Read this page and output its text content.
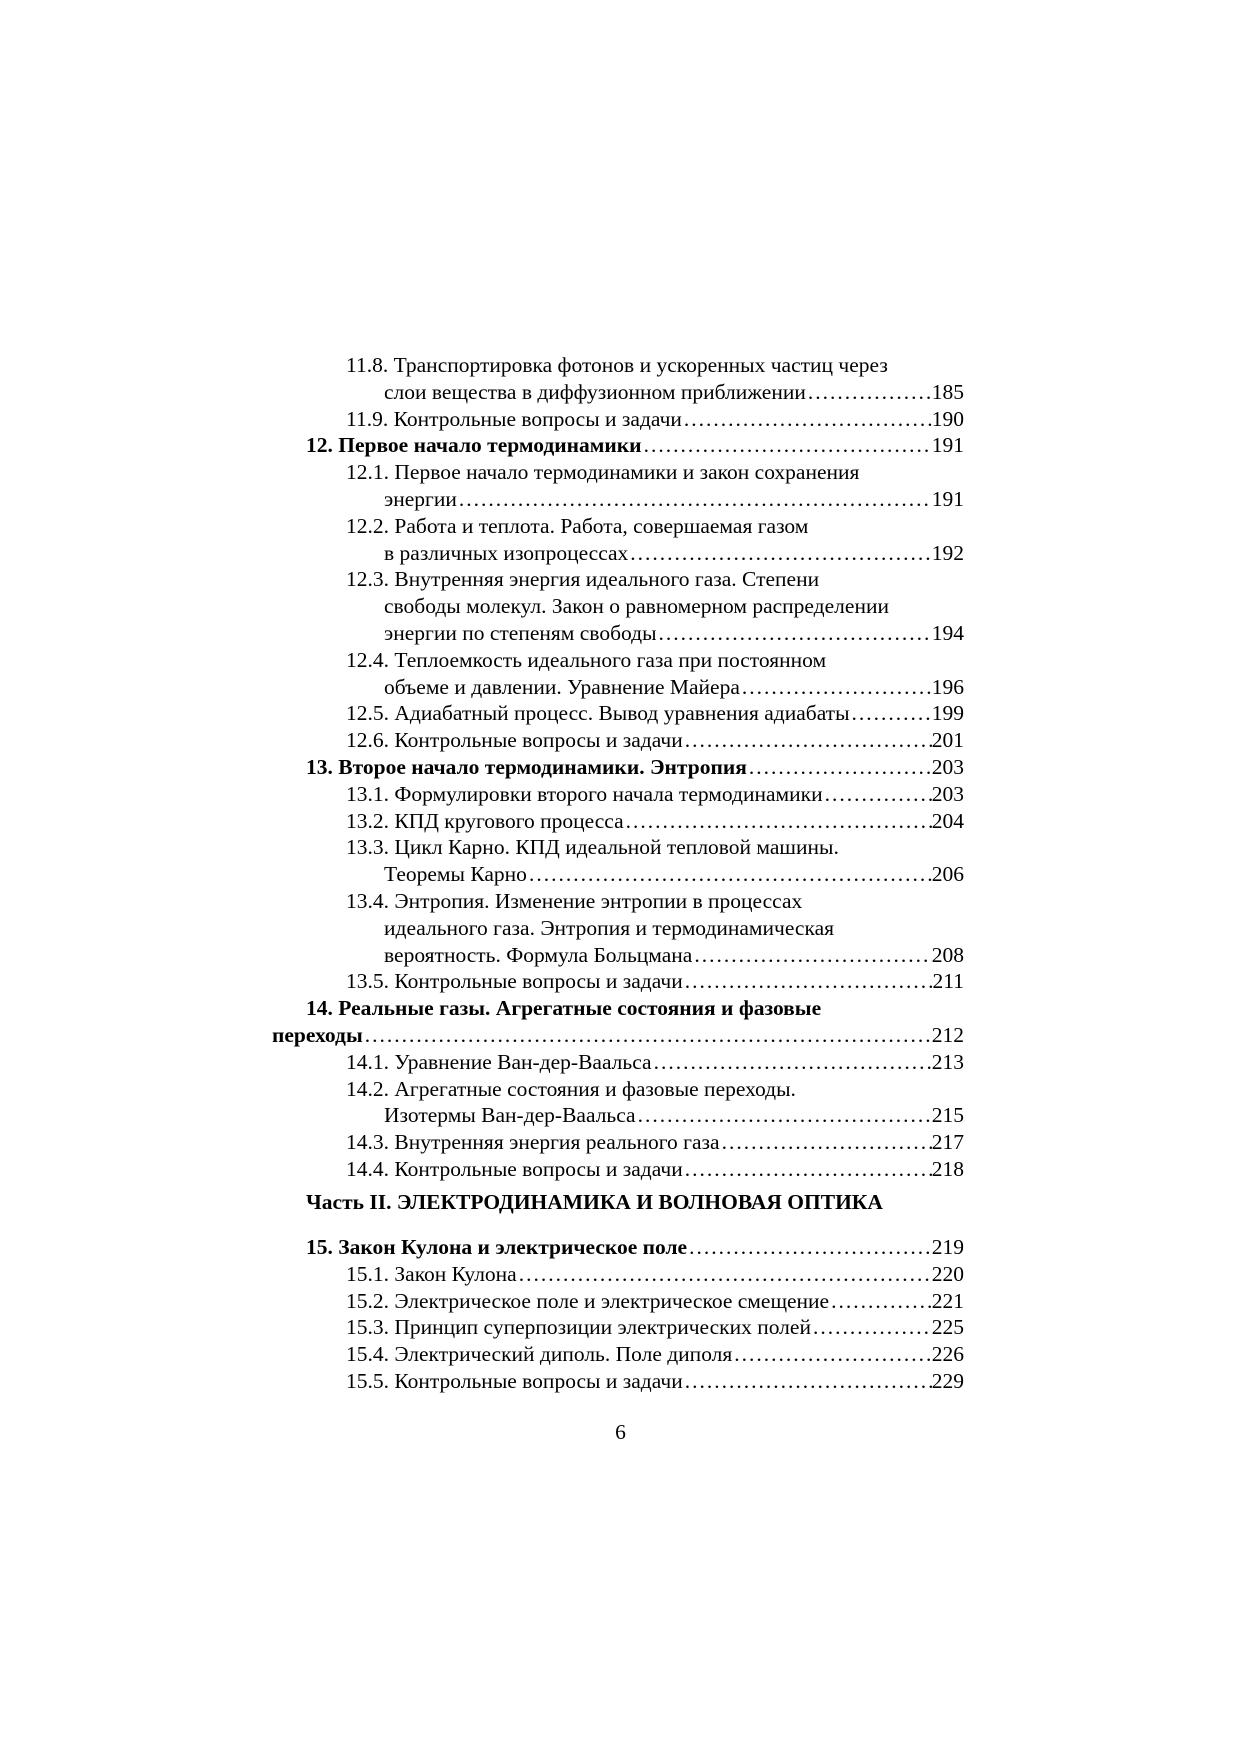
11.8. Транспортировка фотонов и ускоренных частиц через
слои вещества в диффузионном приближении .....	185
11.9. Контрольные вопросы и задачи .....	190
12. Первое начало термодинамики .....	191
12.1. Первое начало термодинамики и закон сохранения
энергии .....	191
12.2. Работа и теплота. Работа, совершаемая газом
в различных изопроцессах .....	192
12.3. Внутренняя энергия идеального газа. Степени
свободы молекул. Закон о равномерном распределении
энергии по степеням свободы .....	194
12.4. Теплоемкость идеального газа при постоянном
объеме и давлении. Уравнение Майера .....	196
12.5. Адиабатный процесс. Вывод уравнения адиабаты .....	199
12.6. Контрольные вопросы и задачи .....	201
13. Второе начало термодинамики. Энтропия .....	203
13.1. Формулировки второго начала термодинамики .....	203
13.2. КПД кругового процесса .....	204
13.3. Цикл Карно. КПД идеальной тепловой машины.
Теоремы Карно .....	206
13.4. Энтропия. Изменение энтропии в процессах
идеального газа. Энтропия и термодинамическая
вероятность. Формула Больцмана .....	208
13.5. Контрольные вопросы и задачи .....	211
14. Реальные газы. Агрегатные состояния и фазовые
переходы .....	212
14.1. Уравнение Ван-дер-Ваальса .....	213
14.2. Агрегатные состояния и фазовые переходы.
Изотермы Ван-дер-Ваальса .....	215
14.3. Внутренняя энергия реального газа .....	217
14.4. Контрольные вопросы и задачи .....	218
Часть II. ЭЛЕКТРОДИНАМИКА И ВОЛНОВАЯ ОПТИКА
15. Закон Кулона и электрическое поле .....	219
15.1. Закон Кулона .....	220
15.2. Электрическое поле и электрическое смещение .....	221
15.3. Принцип суперпозиции электрических полей .....	225
15.4. Электрический диполь. Поле диполя .....	226
15.5. Контрольные вопросы и задачи .....	229
6
